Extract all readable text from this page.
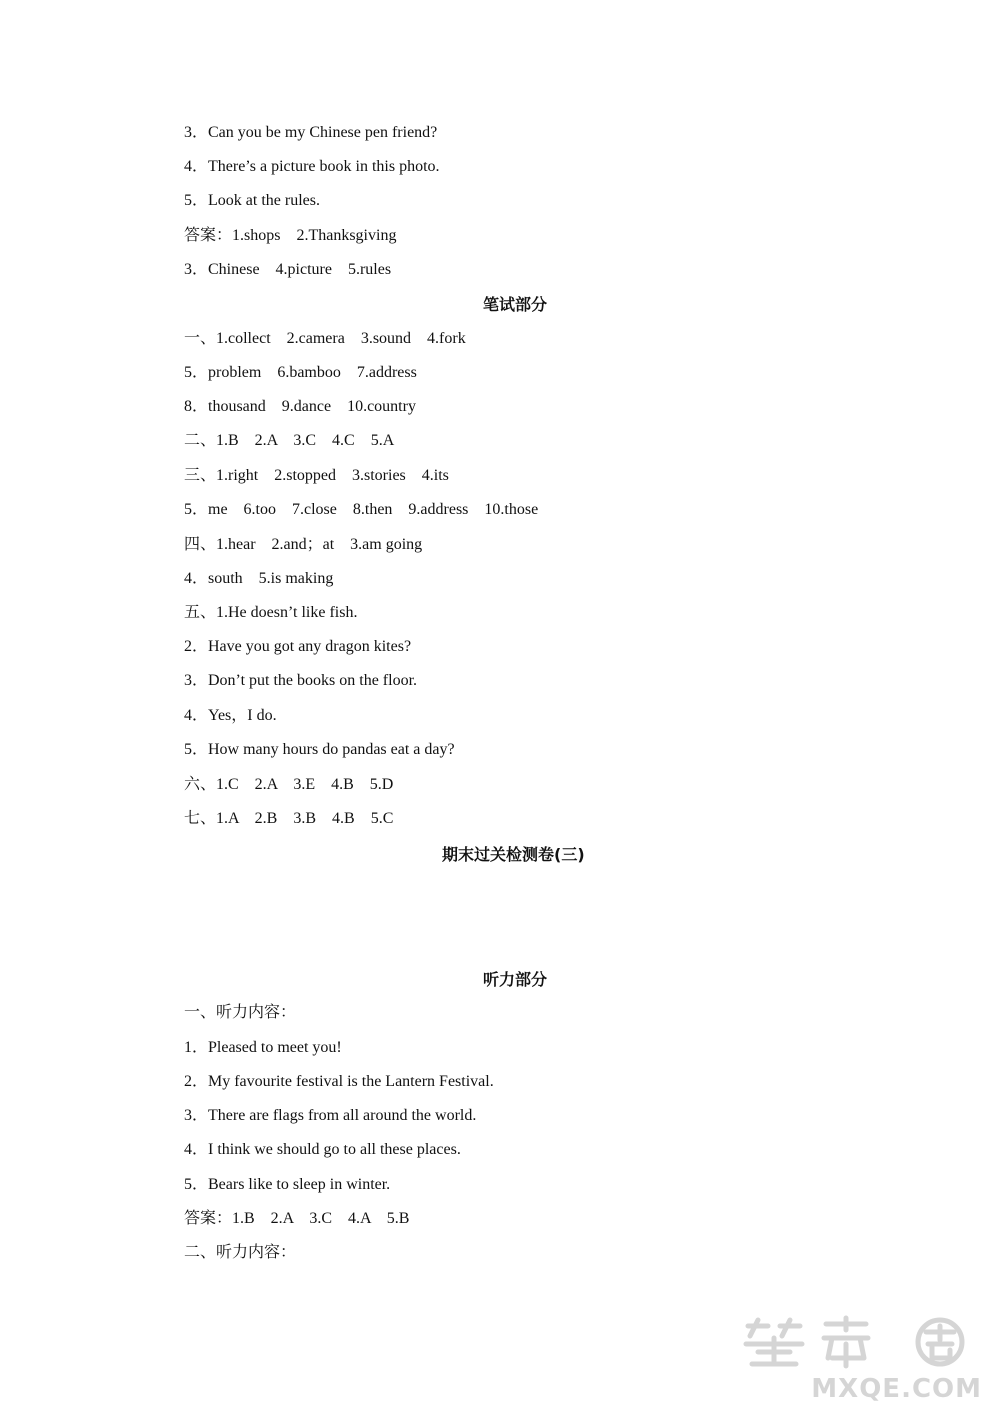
3．Can you be my Chinese pen friend?
4．There’s a picture book in this photo.
5．Look at the rules.
答案：1.shops    2.Thanksgiving
3．Chinese    4.picture    5.rules
笔试部分
一、1.collect    2.camera    3.sound    4.fork
5．problem    6.bamboo    7.address
8．thousand    9.dance    10.country
二、1.B    2.A    3.C    4.C    5.A
三、1.right    2.stopped    3.stories    4.its
5．me    6.too    7.close    8.then    9.address    10.those
四、1.hear    2.and；at    3.am going
4．south    5.is making
五、1.He doesn’t like fish.
2．Have you got any dragon kites?
3．Don’t put the books on the floor.
4．Yes，I do.
5．How many hours do pandas eat a day?
六、1.C    2.A    3.E    4.B    5.D
七、1.A    2.B    3.B    4.B    5.C
期末过关检测卷(三)
听力部分
一、听力内容：
1．Pleased to meet you!
2．My favourite festival is the Lantern Festival.
3．There are flags from all around the world.
4．I think we should go to all these places.
5．Bears like to sleep in winter.
答案：1.B    2.A    3.C    4.A    5.B
二、听力内容：
MXQE.COM
